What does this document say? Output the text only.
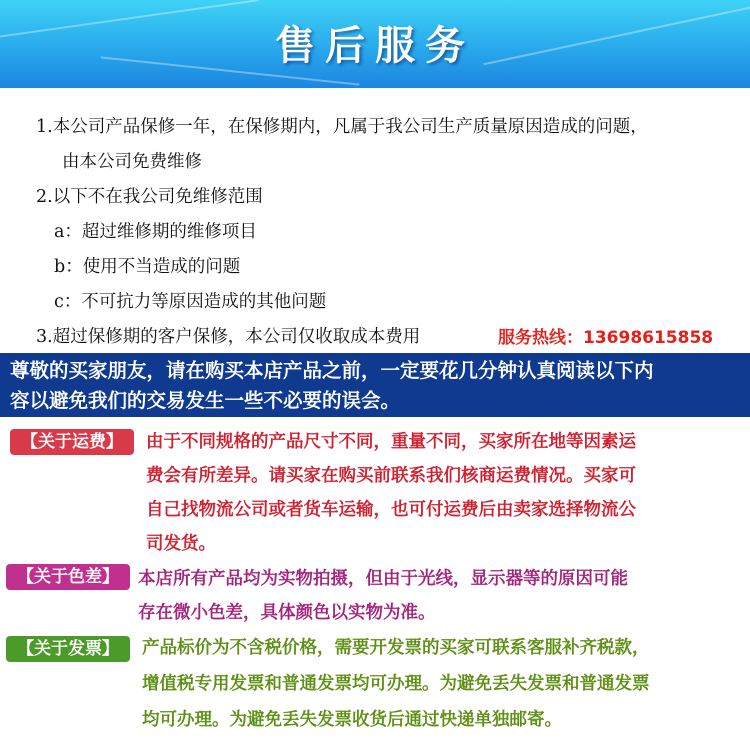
售后服务
1.本公司产品保修一年，在保修期内，凡属于我公司生产质量原因造成的问题，
由本公司免费维修
2.以下不在我公司免维修范围
a：超过维修期的维修项目
b：使用不当造成的问题
c：不可抗力等原因造成的其他问题
3.超过保修期的客户保修，本公司仅收取成本费用	服务热线：13698615858
尊敬的买家朋友，请在购买本店产品之前，一定要花几分钟认真阅读以下内
容以避免我们的交易发生一些不必要的误会。
【关于运费】	由于不同规格的产品尺寸不同，重量不同，买家所在地等因素运
费会有所差异。请买家在购买前联系我们核商运费情况。买家可
自己找物流公司或者货车运输，也可付运费后由卖家选择物流公
司发货。
【关于色差】	本店所有产品均为实物拍摄，但由于光线，显示器等的原因可能
存在微小色差，具体颜色以实物为准。
【关于发票】	产品标价为不含税价格，需要开发票的买家可联系客服补齐税款，
增值税专用发票和普通发票均可办理。为避免丢失发票和普通发票
均可办理。为避免丢失发票收货后通过快递单独邮寄。
